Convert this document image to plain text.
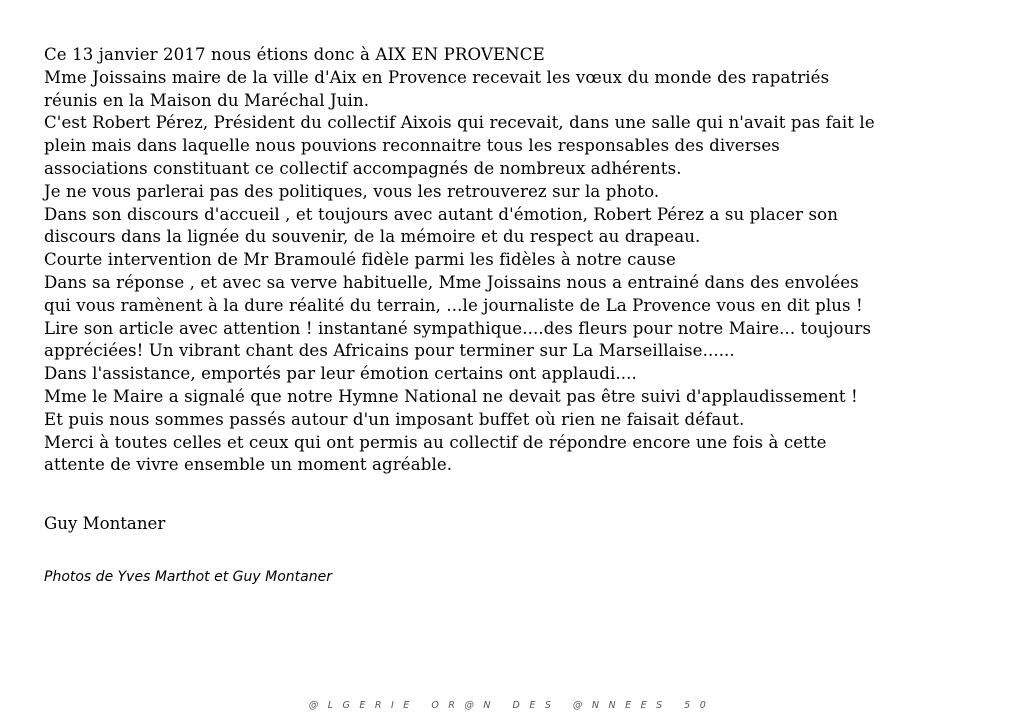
Ce 13 janvier 2017 nous étions donc à AIX EN PROVENCE
Mme Joissains maire de la ville d'Aix en Provence recevait les vœux du monde des rapatriés
réunis en la Maison du Maréchal Juin.
C'est Robert Pérez, Président du collectif Aixois qui recevait, dans une salle qui n'avait pas fait le
plein mais dans laquelle nous pouvions reconnaitre tous les responsables des diverses
associations constituant ce collectif accompagnés de nombreux adhérents.
Je ne vous parlerai pas des politiques, vous les retrouverez sur la photo.
Dans son discours d'accueil , et toujours avec autant d'émotion, Robert Pérez a su placer son
discours dans la lignée du souvenir, de la mémoire et du respect au drapeau.
Courte intervention de Mr Bramoulé fidèle parmi les fidèles à notre cause
Dans sa réponse , et avec sa verve habituelle, Mme Joissains nous a entrainé dans des envolées
qui vous ramènent à la dure réalité du terrain, ...le journaliste de La Provence vous en dit plus !
Lire son article avec attention ! instantané sympathique....des fleurs pour notre Maire... toujours
appréciées! Un vibrant chant des Africains pour terminer sur La Marseillaise......
Dans l'assistance, emportés par leur émotion certains ont applaudi....
Mme le Maire a signalé que notre Hymne National ne devait pas être suivi d'applaudissement !
Et puis nous sommes passés autour d'un imposant buffet où rien ne faisait défaut.
Merci à toutes celles et ceux qui ont permis au collectif de répondre encore une fois à cette
attente de vivre ensemble un moment agréable.
Guy Montaner
Photos de Yves Marthot et Guy Montaner
@LGERIE OR@N DES @NNEES 50
